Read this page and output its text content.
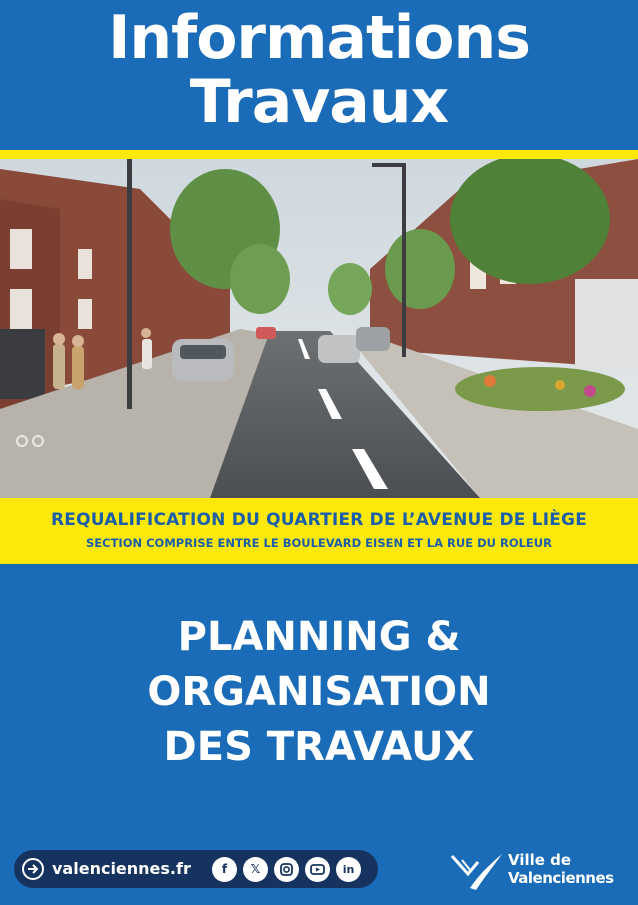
Informations
Travaux
REQUALIFICATION DU QUARTIER DE L’AVENUE DE LIÈGE
SECTION COMPRISE ENTRE LE BOULEVARD EISEN ET LA RUE DU ROLEUR
PLANNING &
ORGANISATION
DES TRAVAUX
valenciennes.fr	f	𝕏	in
Ville de
Valenciennes
